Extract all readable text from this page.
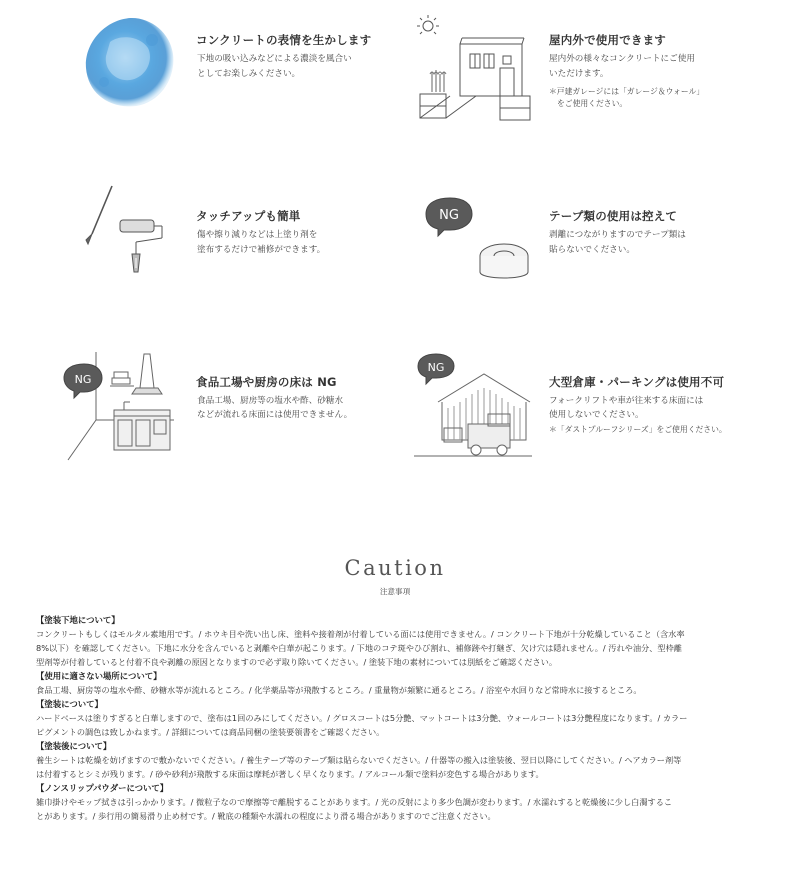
NG
NG
NG
コンクリートの表情を生かします
下地の吸い込みなどによる濃淡を風合い
としてお楽しみください。
屋内外で使用できます
屋内外の様々なコンクリートにご使用
いただけます。
＊戸建ガレージには「ガレージ＆ウォール」
をご使用ください。
タッチアップも簡単
傷や擦り減りなどは上塗り剤を
塗布するだけで補修ができます。
テープ類の使用は控えて
剥離につながりますのでテープ類は
貼らないでください。
食品工場や厨房の床は NG
食品工場、厨房等の塩水や酢、砂糖水
などが流れる床面には使用できません。
大型倉庫・パーキングは使用不可
フォークリフトや車が往来する床面には
使用しないでください。
＊「ダストプルーフシリーズ」をご使用ください。
Caution
注意事項
【塗装下地について】
コンクリートもしくはモルタル素地用です。/ ホウキ目や洗い出し床、塗料や接着剤が付着している面には使用できません。/ コンクリート下地が十分乾燥していること（含水率
8%以下）を確認してください。下地に水分を含んでいると剥離や白華が起こります。/ 下地のコテ斑やひび割れ、補修跡や打継ぎ、欠け穴は隠れません。/ 汚れや油分、型枠離
型剤等が付着していると付着不良や剥離の原因となりますので必ず取り除いてください。/ 塗装下地の素材については別紙をご確認ください。
【使用に適さない場所について】
食品工場、厨房等の塩水や酢、砂糖水等が流れるところ。/ 化学薬品等が飛散するところ。/ 重量物が頻繁に通るところ。/ 浴室や水回りなど常時水に接するところ。
【塗装について】
ハードベースは塗りすぎると白華しますので、塗布は1回のみにしてください。/ グロスコートは5分艶、マットコートは3分艶、ウォールコートは3分艶程度になります。/ カラー
ピグメントの調色は致しかねます。/ 詳細については商品同梱の塗装要領書をご確認ください。
【塗装後について】
養生シートは乾燥を妨げますので敷かないでください。/ 養生テープ等のテープ類は貼らないでください。/ 什器等の搬入は塗装後、翌日以降にしてください。/ ヘアカラー剤等
は付着するとシミが残ります。/ 砂や砂利が飛散する床面は摩耗が著しく早くなります。/ アルコール類で塗料が変色する場合があります。
【ノンスリップパウダーについて】
雑巾掛けやモップ拭きは引っかかります。/ 微粒子なので摩擦等で離脱することがあります。/ 光の反射により多少色調が変わります。/ 水濡れすると乾燥後に少し白濁するこ
とがあります。/ 歩行用の簡易滑り止め材です。/ 靴底の種類や水濡れの程度により滑る場合がありますのでご注意ください。
